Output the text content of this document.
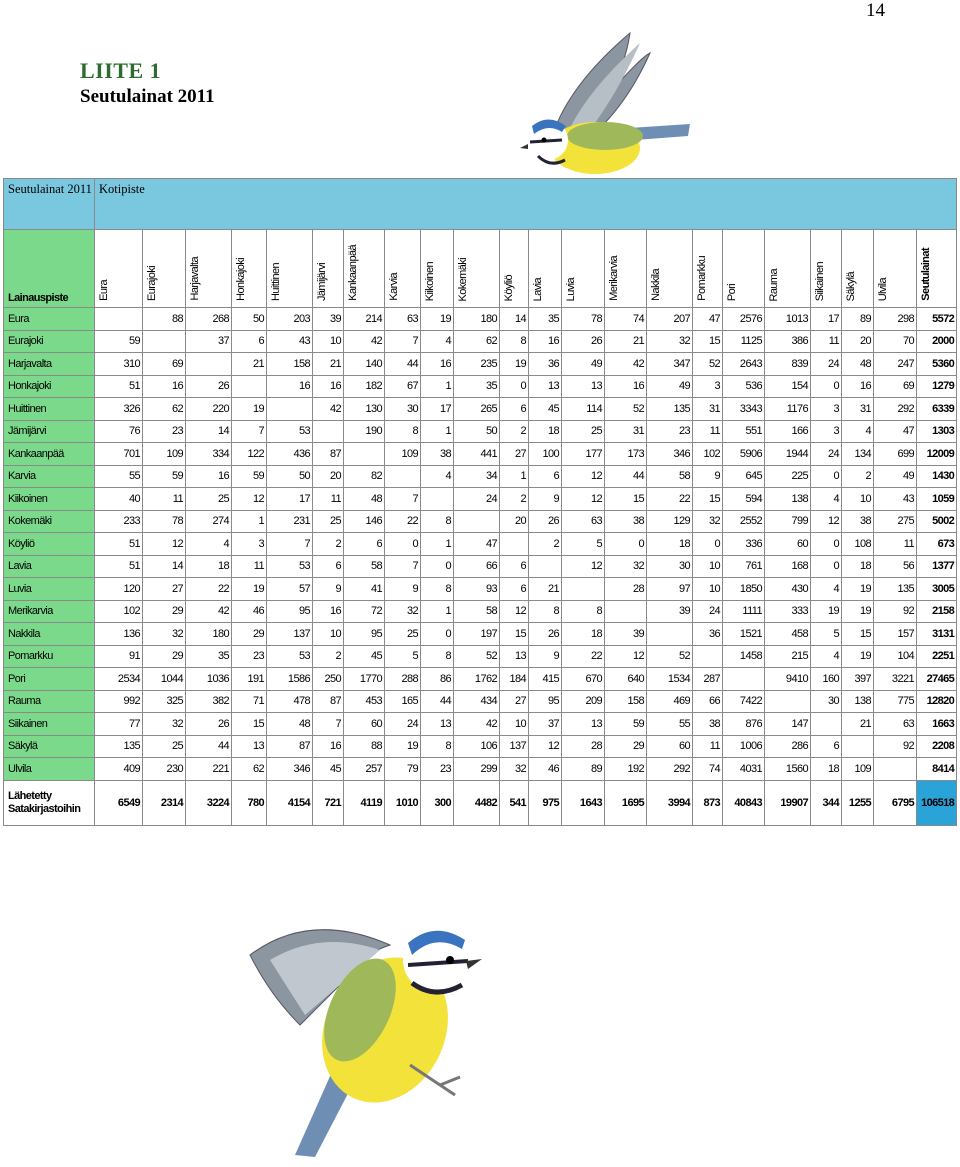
14
LIITE 1
Seutulainat 2011
Seutulainat 2011	Kotipiste																					
Lainauspiste	Eura	Eurajoki	Harjavalta	Honkajoki	Huittinen	Jämijärvi	Kankaanpää	Karvia	Kiikoinen	Kokemäki	Köyliö	Lavia	Luvia	Merikarvia	Nakkila	Pomarkku	Pori	Rauma	Siikainen	Säkylä	Ulvila	Seutulainat
Eura		88	268	50	203	39	214	63	19	180	14	35	78	74	207	47	2576	1013	17	89	298	5572
Eurajoki	59		37	6	43	10	42	7	4	62	8	16	26	21	32	15	1125	386	11	20	70	2000
Harjavalta	310	69		21	158	21	140	44	16	235	19	36	49	42	347	52	2643	839	24	48	247	5360
Honkajoki	51	16	26		16	16	182	67	1	35	0	13	13	16	49	3	536	154	0	16	69	1279
Huittinen	326	62	220	19		42	130	30	17	265	6	45	114	52	135	31	3343	1176	3	31	292	6339
Jämijärvi	76	23	14	7	53		190	8	1	50	2	18	25	31	23	11	551	166	3	4	47	1303
Kankaanpää	701	109	334	122	436	87		109	38	441	27	100	177	173	346	102	5906	1944	24	134	699	12009
Karvia	55	59	16	59	50	20	82		4	34	1	6	12	44	58	9	645	225	0	2	49	1430
Kiikoinen	40	11	25	12	17	11	48	7		24	2	9	12	15	22	15	594	138	4	10	43	1059
Kokemäki	233	78	274	1	231	25	146	22	8		20	26	63	38	129	32	2552	799	12	38	275	5002
Köyliö	51	12	4	3	7	2	6	0	1	47		2	5	0	18	0	336	60	0	108	11	673
Lavia	51	14	18	11	53	6	58	7	0	66	6		12	32	30	10	761	168	0	18	56	1377
Luvia	120	27	22	19	57	9	41	9	8	93	6	21		28	97	10	1850	430	4	19	135	3005
Merikarvia	102	29	42	46	95	16	72	32	1	58	12	8	8		39	24	1111	333	19	19	92	2158
Nakkila	136	32	180	29	137	10	95	25	0	197	15	26	18	39		36	1521	458	5	15	157	3131
Pomarkku	91	29	35	23	53	2	45	5	8	52	13	9	22	12	52		1458	215	4	19	104	2251
Pori	2534	1044	1036	191	1586	250	1770	288	86	1762	184	415	670	640	1534	287		9410	160	397	3221	27465
Rauma	992	325	382	71	478	87	453	165	44	434	27	95	209	158	469	66	7422		30	138	775	12820
Siikainen	77	32	26	15	48	7	60	24	13	42	10	37	13	59	55	38	876	147		21	63	1663
Säkylä	135	25	44	13	87	16	88	19	8	106	137	12	28	29	60	11	1006	286	6		92	2208
Ulvila	409	230	221	62	346	45	257	79	23	299	32	46	89	192	292	74	4031	1560	18	109		8414
Lähetetty Satakirjastoihin	6549	2314	3224	780	4154	721	4119	1010	300	4482	541	975	1643	1695	3994	873	40843	19907	344	1255	6795	106518
